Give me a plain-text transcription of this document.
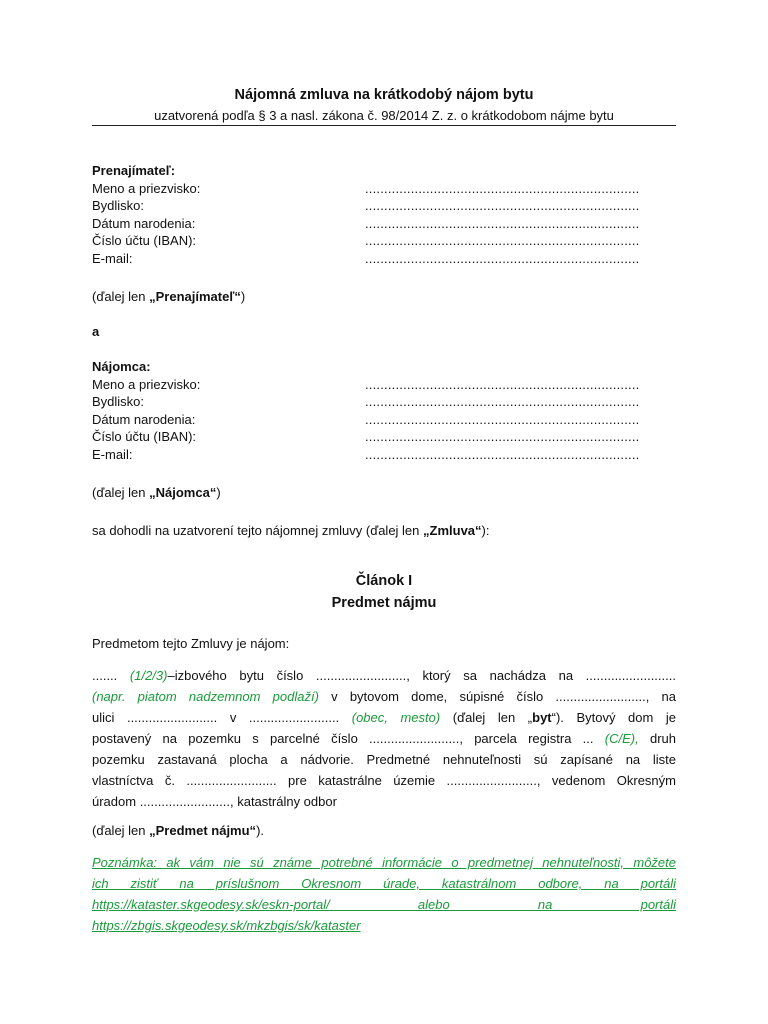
Nájomná zmluva na krátkodobý nájom bytu
uzatvorená podľa § 3 a nasl. zákona č. 98/2014 Z. z. o krátkodobom nájme bytu
Prenajímateľ:
Meno a priezvisko:	........................................................................
Bydlisko:	........................................................................
Dátum narodenia:	........................................................................
Číslo účtu (IBAN):	........................................................................
E-mail:	........................................................................
(ďalej len „Prenajímateľ“)
a
Nájomca:
Meno a priezvisko:	........................................................................
Bydlisko:	........................................................................
Dátum narodenia:	........................................................................
Číslo účtu (IBAN):	........................................................................
E-mail:	........................................................................
(ďalej len „Nájomca“)
sa dohodli na uzatvorení tejto nájomnej zmluvy (ďalej len „Zmluva“):
Článok I
Predmet nájmu
Predmetom tejto Zmluvy je nájom:
....... (1/2/3)–izbového bytu číslo ........................., ktorý sa nachádza na .........................
(napr. piatom nadzemnom podlaží) v bytovom dome, súpisné číslo ........................., na
ulici ......................... v ......................... (obec, mesto) (ďalej len „byt“). Bytový dom je
postavený na pozemku s parcelné číslo ........................., parcela registra ... (C/E), druh
pozemku zastavaná plocha a nádvorie. Predmetné nehnuteľnosti sú zapísané na liste
vlastníctva č. ......................... pre katastrálne územie ........................., vedenom Okresným
úradom ........................., katastrálny odbor
(ďalej len „Predmet nájmu“).
Poznámka: ak vám nie sú známe potrebné informácie o predmetnej nehnuteľnosti, môžete
ich zistiť na príslušnom Okresnom úrade, katastrálnom odbore, na portáli
https://kataster.skgeodesy.sk/eskn-portal/ alebo na portáli
https://zbgis.skgeodesy.sk/mkzbgis/sk/kataster
